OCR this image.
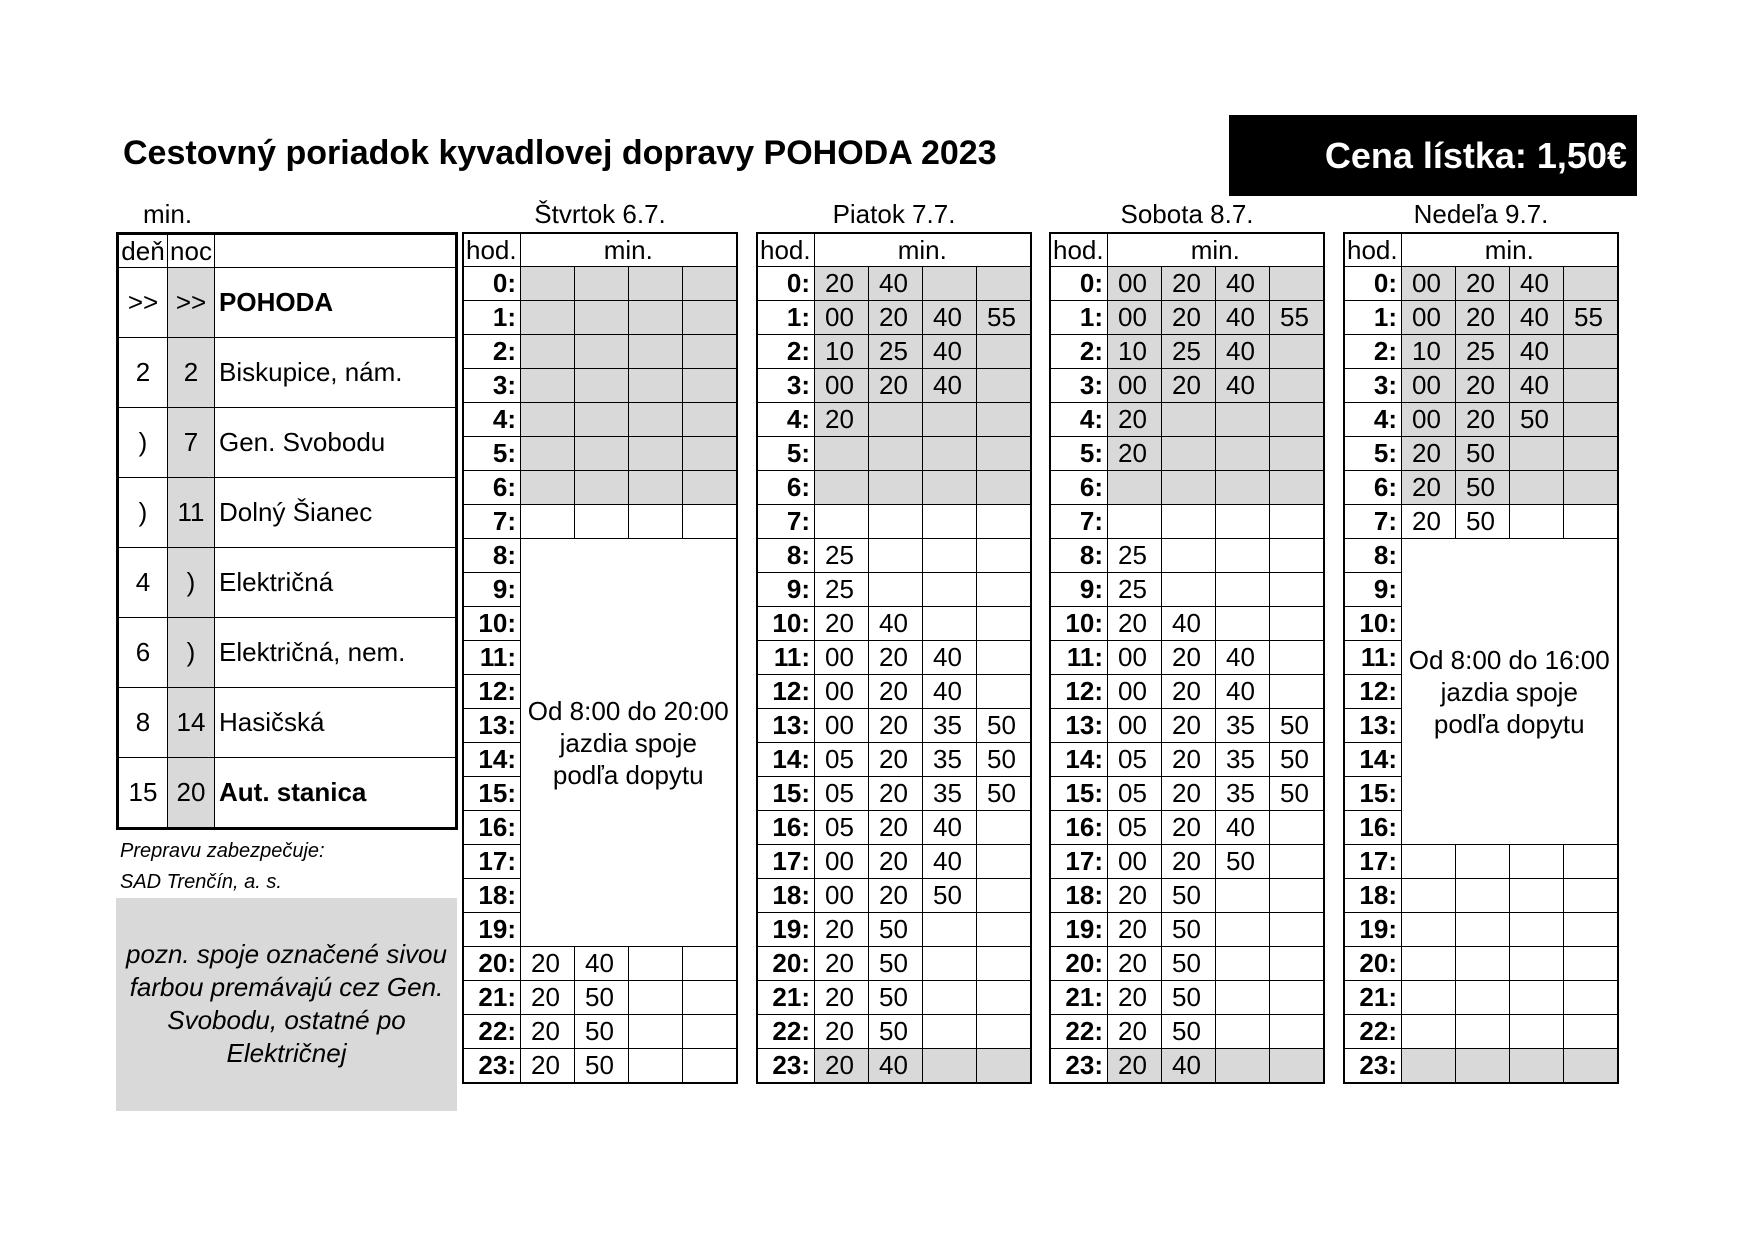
Cestovný poriadok kyvadlovej dopravy POHODA 2023	Cena lístka: 1,50€
min.
deň	noc	
>>	>>	POHODA
2	2	Biskupice, nám.
)	7	Gen. Svobodu
)	11	Dolný Šianec
4	)	Električná
6	)	Električná, nem.
8	14	Hasičská
15	20	Aut. stanica
Prepravu zabezpečuje:
SAD Trenčín, a. s.
pozn. spoje označené sivou farbou premávajú cez Gen. Svobodu, ostatné po Električnej
Štvrtok 6.7.
hod.	min.			
0:				
1:				
2:				
3:				
4:				
5:				
6:				
7:				
8:	Od 8:00 do 20:00 jazdia spoje podľa dopytu			
9:				
10:				
11:				
12:				
13:				
14:				
15:				
16:				
17:				
18:				
19:				
20:	20	40		
21:	20	50		
22:	20	50		
23:	20	50		
Piatok 7.7.
hod.	min.			
0:	20	40		
1:	00	20	40	55
2:	10	25	40	
3:	00	20	40	
4:	20			
5:				
6:				
7:				
8:	25			
9:	25			
10:	20	40		
11:	00	20	40	
12:	00	20	40	
13:	00	20	35	50
14:	05	20	35	50
15:	05	20	35	50
16:	05	20	40	
17:	00	20	40	
18:	00	20	50	
19:	20	50		
20:	20	50		
21:	20	50		
22:	20	50		
23:	20	40		
Sobota 8.7.
hod.	min.			
0:	00	20	40	
1:	00	20	40	55
2:	10	25	40	
3:	00	20	40	
4:	20			
5:	20			
6:				
7:				
8:	25			
9:	25			
10:	20	40		
11:	00	20	40	
12:	00	20	40	
13:	00	20	35	50
14:	05	20	35	50
15:	05	20	35	50
16:	05	20	40	
17:	00	20	50	
18:	20	50		
19:	20	50		
20:	20	50		
21:	20	50		
22:	20	50		
23:	20	40		
Nedeľa 9.7.
hod.	min.			
0:	00	20	40	
1:	00	20	40	55
2:	10	25	40	
3:	00	20	40	
4:	00	20	50	
5:	20	50		
6:	20	50		
7:	20	50		
8:	Od 8:00 do 16:00 jazdia spoje podľa dopytu			
9:				
10:				
11:				
12:				
13:				
14:				
15:				
16:				
17:				
18:				
19:				
20:				
21:				
22:				
23:				
